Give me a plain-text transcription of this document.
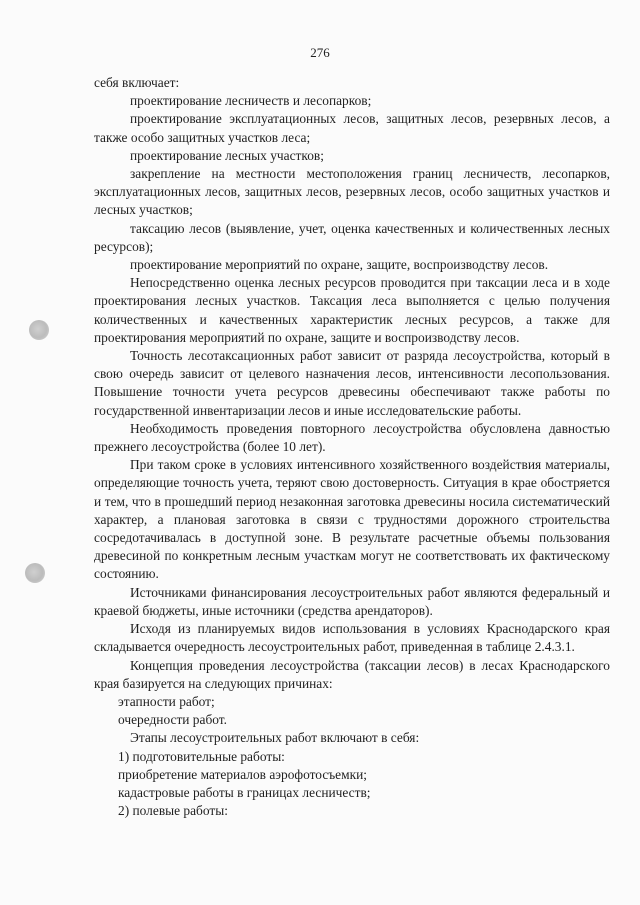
276

себя включает:

проектирование лесничеств и лесопарков;

проектирование эксплуатационных лесов, защитных лесов, резервных лесов, а также особо защитных участков леса;

проектирование лесных участков;

закрепление на местности местоположения границ лесничеств, лесопарков, эксплуатационных лесов, защитных лесов, резервных лесов, особо защитных участков и лесных участков;

таксацию лесов (выявление, учет, оценка качественных и количественных лесных ресурсов);

проектирование мероприятий по охране, защите, воспроизводству лесов.

Непосредственно оценка лесных ресурсов проводится при таксации леса и в ходе проектирования лесных участков. Таксация леса выполняется с целью получения количественных и качественных характеристик лесных ресурсов, а также для проектирования мероприятий по охране, защите и воспроизводству лесов.

Точность лесотаксационных работ зависит от разряда лесоустройства, который в свою очередь зависит от целевого назначения лесов, интенсивности лесопользования. Повышение точности учета ресурсов древесины обеспечивают также работы по государственной инвентаризации лесов и иные исследовательские работы.

Необходимость проведения повторного лесоустройства обусловлена давностью прежнего лесоустройства (более 10 лет).

При таком сроке в условиях интенсивного хозяйственного воздействия материалы, определяющие точность учета, теряют свою достоверность. Ситуация в крае обостряется и тем, что в прошедший период незаконная заготовка древесины носила систематический характер, а плановая заготовка в связи с трудностями дорожного строительства сосредотачивалась в доступной зоне. В результате расчетные объемы пользования древесиной по конкретным лесным участкам могут не соответствовать их фактическому состоянию.

Источниками финансирования лесоустроительных работ являются федеральный и краевой бюджеты, иные источники (средства арендаторов).

Исходя из планируемых видов использования в условиях Краснодарского края складывается очередность лесоустроительных работ, приведенная в таблице 2.4.3.1.

Концепция проведения лесоустройства (таксации лесов) в лесах Краснодарского края базируется на следующих причинах:

этапности работ;

очередности работ.

Этапы лесоустроительных работ включают в себя:

1) подготовительные работы:

приобретение материалов аэрофотосъемки;

кадастровые работы в границах лесничеств;

2) полевые работы:
